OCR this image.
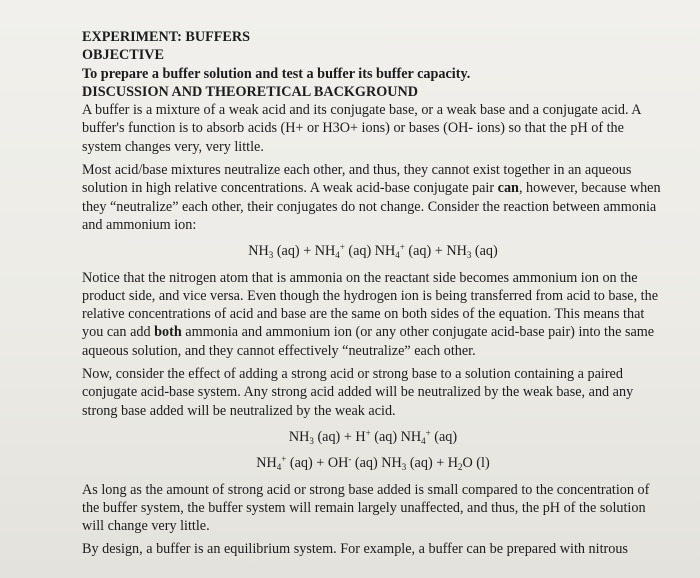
EXPERIMENT: BUFFERS

OBJECTIVE

To prepare a buffer solution and test a buffer its buffer capacity.

DISCUSSION AND THEORETICAL BACKGROUND

A buffer is a mixture of a weak acid and its conjugate base, or a weak base and a conjugate acid. A buffer's function is to absorb acids (H+ or H3O+ ions) or bases (OH- ions) so that the pH of the system changes very, very little.

Most acid/base mixtures neutralize each other, and thus, they cannot exist together in an aqueous solution in high relative concentrations. A weak acid-base conjugate pair can, however, because when they “neutralize” each other, their conjugates do not change. Consider the reaction between ammonia and ammonium ion:

$NH_3$ $(aq) + NH_4^+$ (aq) $NH_4^+$ $(aq) + NH_3$ (aq)

Notice that the nitrogen atom that is ammonia on the reactant side becomes ammonium ion on the product side, and vice versa. Even though the hydrogen ion is being transferred from acid to base, the relative concentrations of acid and base are the same on both sides of the equation. This means that you can add both ammonia and ammonium ion (or any other conjugate acid-base pair) into the same aqueous solution, and they cannot effectively “neutralize” each other.

Now, consider the effect of adding a strong acid or strong base to a solution containing a paired conjugate acid-base system. Any strong acid added will be neutralized by the weak base, and any strong base added will be neutralized by the weak acid.

$NH_3$ (aq) + H+ (aq) $NH_4^+$ (aq)

$NH_4^+$ (aq) + OH- (aq) $NH_3$ $(aq) + H_2O$ (l)

As long as the amount of strong acid or strong base added is small compared to the concentration of the buffer system, the buffer system will remain largely unaffected, and thus, the pH of the solution will change very little.

By design, a buffer is an equilibrium system. For example, a buffer can be prepared with nitrous
